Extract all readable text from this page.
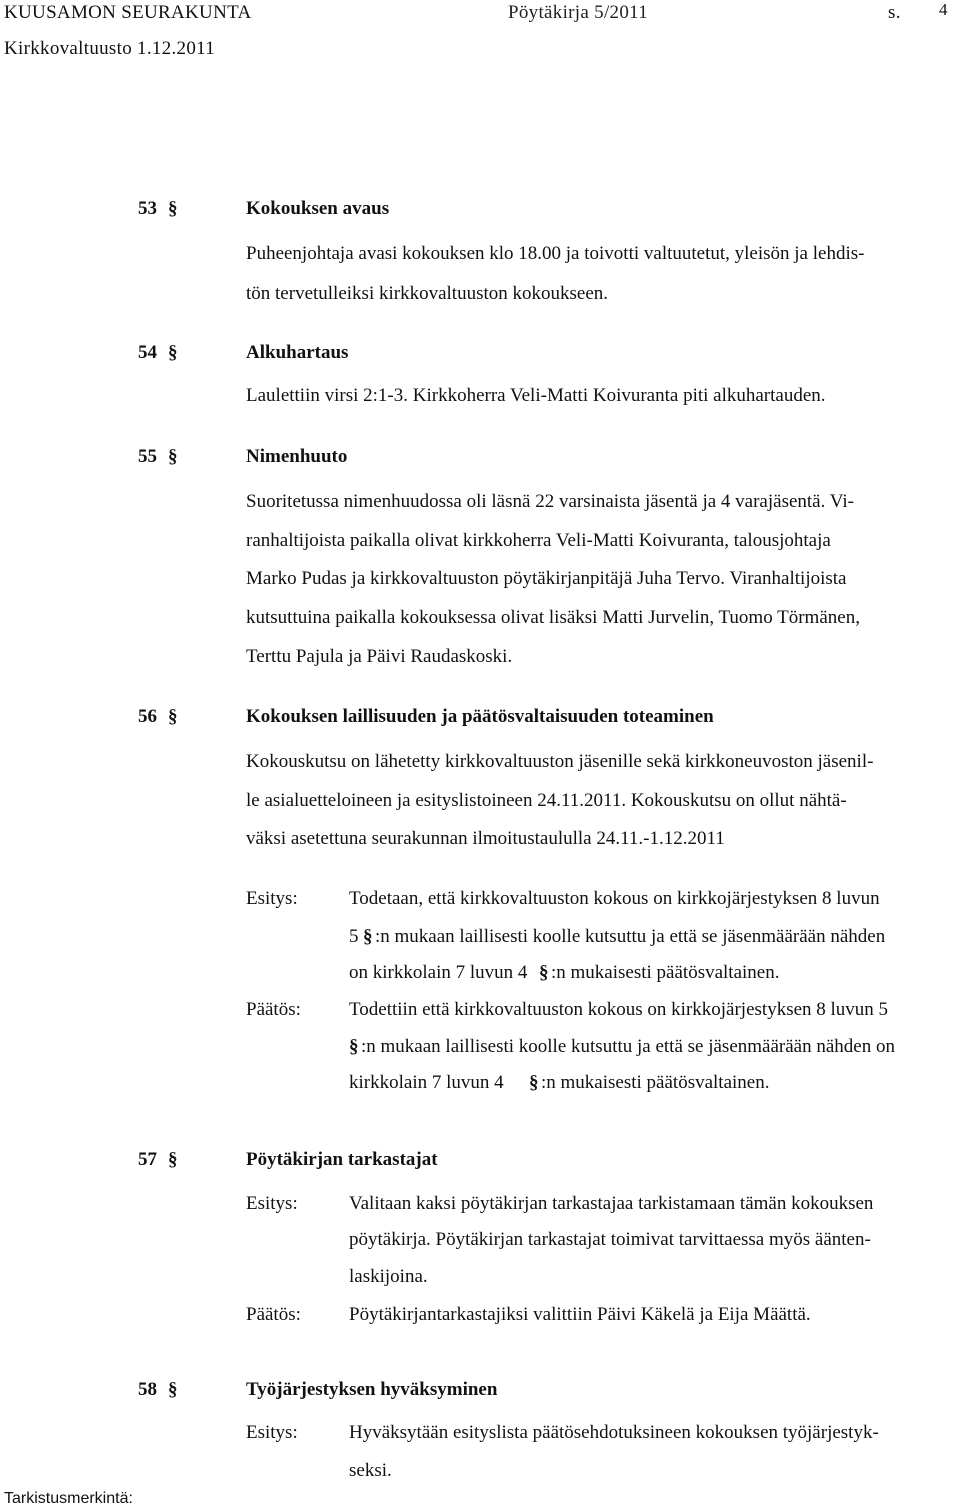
KUUSAMON SEURAKUNTA	Pöytäkirja 5/2011	s. 4
Kirkkovaltuusto 1.12.2011
53 §	Kokouksen avaus
Puheenjohtaja avasi kokouksen klo 18.00 ja toivotti valtuutetut, yleisön ja lehdis-
tön tervetulleiksi kirkkovaltuuston kokoukseen.
54 §	Alkuhartaus
Laulettiin virsi 2:1-3. Kirkkoherra Veli-Matti Koivuranta piti alkuhartauden.
55 §	Nimenhuuto
Suoritetussa nimenhuudossa oli läsnä 22 varsinaista jäsentä ja 4 varajäsentä. Vi-
ranhaltijoista paikalla olivat kirkkoherra Veli-Matti Koivuranta, talousjohtaja
Marko Pudas ja kirkkovaltuuston pöytäkirjanpitäjä Juha Tervo. Viranhaltijoista
kutsuttuina paikalla kokouksessa olivat lisäksi Matti Jurvelin, Tuomo Törmänen,
Terttu Pajula ja Päivi Raudaskoski.
56 §	Kokouksen laillisuuden ja päätösvaltaisuuden toteaminen
Kokouskutsu on lähetetty kirkkovaltuuston jäsenille sekä kirkkoneuvoston jäsenil-
le asialuetteloineen ja esityslistoineen 24.11.2011. Kokouskutsu on ollut nähtä-
väksi asetettuna seurakunnan ilmoitustaululla 24.11.-1.12.2011
Esitys:	Todetaan, että kirkkovaltuuston kokous on kirkkojärjestyksen 8 luvun
5 § :n mukaan laillisesti koolle kutsuttu ja että se jäsenmäärään nähden
on kirkkolain 7 luvun 4 § :n mukaisesti päätösvaltainen.
Päätös:	Todettiin että kirkkovaltuuston kokous on kirkkojärjestyksen 8 luvun 5
§ :n mukaan laillisesti koolle kutsuttu ja että se jäsenmäärään nähden on
kirkkolain 7 luvun 4 § :n mukaisesti päätösvaltainen.
57 §	Pöytäkirjan tarkastajat
Esitys:	Valitaan kaksi pöytäkirjan tarkastajaa tarkistamaan tämän kokouksen
pöytäkirja. Pöytäkirjan tarkastajat toimivat tarvittaessa myös äänten-
laskijoina.
Päätös:	Pöytäkirjantarkastajiksi valittiin Päivi Käkelä ja Eija Määttä.
58 §	Työjärjestyksen hyväksyminen
Esitys:	Hyväksytään esityslista päätösehdotuksineen kokouksen työjärjestyk-
seksi.
Tarkistusmerkintä:
